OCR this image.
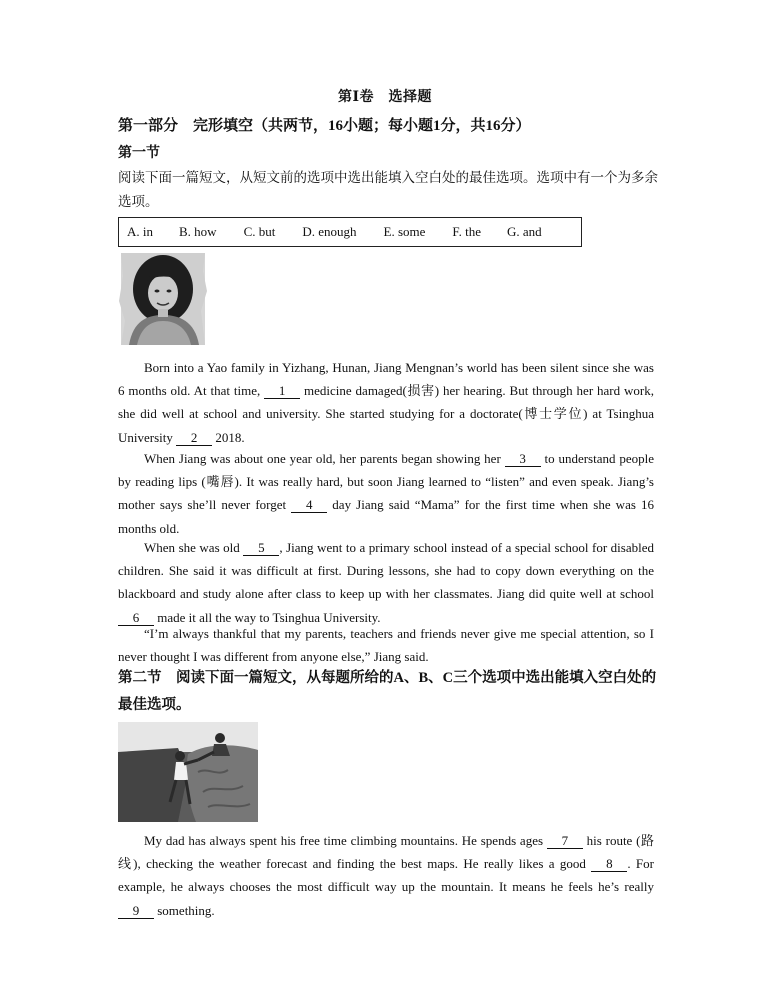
第Ⅰ卷　选择题
第一部分　完形填空（共两节，16小题；每小题1分，共16分）
第一节
阅读下面一篇短文，从短文前的选项中选出能填入空白处的最佳选项。选项中有一个为多余选项。
A. in B. how C. but D. enough E. some F. the G. and
Born into a Yao family in Yizhang, Hunan, Jiang Mengnan’s world has been silent since she was 6 months old. At that time, 1 medicine damaged(损害) her hearing. But through her hard work, she did well at school and university. She started studying for a doctorate(博士学位) at Tsinghua University 2 2018.
When Jiang was about one year old, her parents began showing her 3 to understand people by reading lips (嘴唇). It was really hard, but soon Jiang learned to “listen” and even speak. Jiang’s mother says she’ll never forget 4 day Jiang said “Mama” for the first time when she was 16 months old.
When she was old 5 , Jiang went to a primary school instead of a special school for disabled children. She said it was difficult at first. During lessons, she had to copy down everything on the blackboard and study alone after class to keep up with her classmates. Jiang did quite well at school 6 made it all the way to Tsinghua University.
“I’m always thankful that my parents, teachers and friends never give me special attention, so I never thought I was different from anyone else,” Jiang said.
第二节　阅读下面一篇短文，从每题所给的A、B、C三个选项中选出能填入空白处的最佳选项。
My dad has always spent his free time climbing mountains. He spends ages 7 his route (路线), checking the weather forecast and finding the best maps. He really likes a good 8 . For example, he always chooses the most difficult way up the mountain. It means he feels he’s really 9 something.
